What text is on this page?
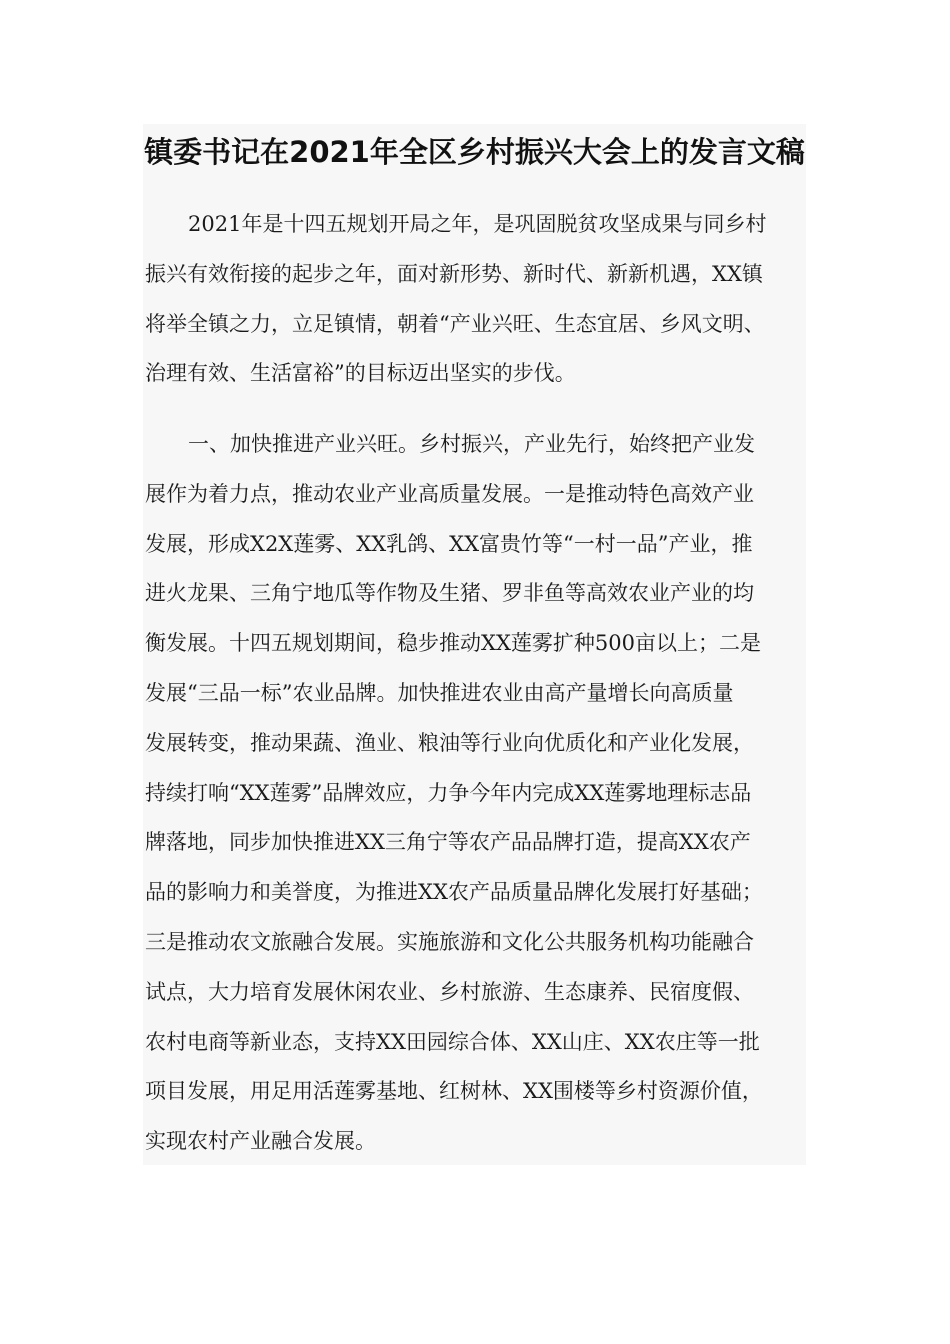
镇委书记在2021年全区乡村振兴大会上的发言文稿
2021年是十四五规划开局之年，是巩固脱贫攻坚成果与同乡村
振兴有效衔接的起步之年，面对新形势、新时代、新新机遇，XX镇
将举全镇之力，立足镇情，朝着“产业兴旺、生态宜居、乡风文明、
治理有效、生活富裕”的目标迈出坚实的步伐。
一、加快推进产业兴旺。乡村振兴，产业先行，始终把产业发
展作为着力点，推动农业产业高质量发展。一是推动特色高效产业
发展，形成X2X莲雾、XX乳鸽、XX富贵竹等“一村一品”产业，推
进火龙果、三角宁地瓜等作物及生猪、罗非鱼等高效农业产业的均
衡发展。十四五规划期间，稳步推动XX莲雾扩种500亩以上；二是
发展“三品一标”农业品牌。加快推进农业由高产量增长向高质量
发展转变，推动果蔬、渔业、粮油等行业向优质化和产业化发展，
持续打响“XX莲雾”品牌效应，力争今年内完成XX莲雾地理标志品
牌落地，同步加快推进XX三角宁等农产品品牌打造，提高XX农产
品的影响力和美誉度，为推进XX农产品质量品牌化发展打好基础；
三是推动农文旅融合发展。实施旅游和文化公共服务机构功能融合
试点，大力培育发展休闲农业、乡村旅游、生态康养、民宿度假、
农村电商等新业态，支持XX田园综合体、XX山庄、XX农庄等一批
项目发展，用足用活莲雾基地、红树林、XX围楼等乡村资源价值，
实现农村产业融合发展。
